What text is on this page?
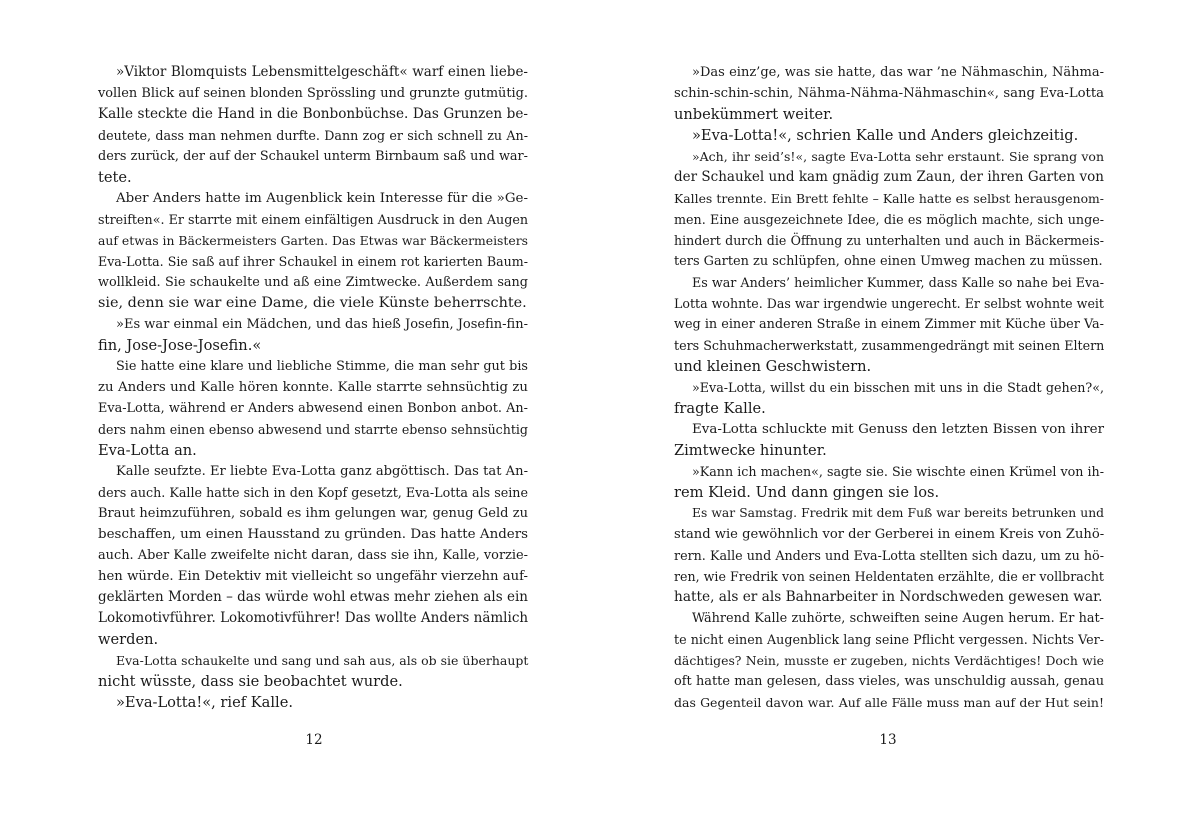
»Viktor Blomquists Lebensmittelgeschäft« warf einen liebe-
vollen Blick auf seinen blonden Sprössling und grunzte gutmütig.
Kalle steckte die Hand in die Bonbonbüchse. Das Grunzen be-
deutete, dass man nehmen durfte. Dann zog er sich schnell zu An-
ders zurück, der auf der Schaukel unterm Birnbaum saß und war-
tete.
Aber Anders hatte im Augenblick kein Interesse für die »Ge-
streiften«. Er starrte mit einem einfältigen Ausdruck in den Augen
auf etwas in Bäckermeisters Garten. Das Etwas war Bäckermeisters
Eva-Lotta. Sie saß auf ihrer Schaukel in einem rot karierten Baum-
wollkleid. Sie schaukelte und aß eine Zimtwecke. Außerdem sang
sie, denn sie war eine Dame, die viele Künste beherrschte.
»Es war einmal ein Mädchen, und das hieß Josefin, Josefin-fin-
fin, Jose-Jose-Josefin.«
Sie hatte eine klare und liebliche Stimme, die man sehr gut bis
zu Anders und Kalle hören konnte. Kalle starrte sehnsüchtig zu
Eva-Lotta, während er Anders abwesend einen Bonbon anbot. An-
ders nahm einen ebenso abwesend und starrte ebenso sehnsüchtig
Eva-Lotta an.
Kalle seufzte. Er liebte Eva-Lotta ganz abgöttisch. Das tat An-
ders auch. Kalle hatte sich in den Kopf gesetzt, Eva-Lotta als seine
Braut heimzuführen, sobald es ihm gelungen war, genug Geld zu
beschaffen, um einen Hausstand zu gründen. Das hatte Anders
auch. Aber Kalle zweifelte nicht daran, dass sie ihn, Kalle, vorzie-
hen würde. Ein Detektiv mit vielleicht so ungefähr vierzehn auf-
geklärten Morden – das würde wohl etwas mehr ziehen als ein
Lokomotivführer. Lokomotivführer! Das wollte Anders nämlich
werden.
Eva-Lotta schaukelte und sang und sah aus, als ob sie überhaupt
nicht wüsste, dass sie beobachtet wurde.
»Eva-Lotta!«, rief Kalle.
12
»Das einz’ge, was sie hatte, das war ’ne Nähmaschin, Nähma-
schin-schin-schin, Nähma-Nähma-Nähmaschin«, sang Eva-Lotta
unbekümmert weiter.
»Eva-Lotta!«, schrien Kalle und Anders gleichzeitig.
»Ach, ihr seid’s!«, sagte Eva-Lotta sehr erstaunt. Sie sprang von
der Schaukel und kam gnädig zum Zaun, der ihren Garten von
Kalles trennte. Ein Brett fehlte – Kalle hatte es selbst herausgenom-
men. Eine ausgezeichnete Idee, die es möglich machte, sich unge-
hindert durch die Öffnung zu unterhalten und auch in Bäckermeis-
ters Garten zu schlüpfen, ohne einen Umweg machen zu müssen.
Es war Anders’ heimlicher Kummer, dass Kalle so nahe bei Eva-
Lotta wohnte. Das war irgendwie ungerecht. Er selbst wohnte weit
weg in einer anderen Straße in einem Zimmer mit Küche über Va-
ters Schuhmacherwerkstatt, zusammengedrängt mit seinen Eltern
und kleinen Geschwistern.
»Eva-Lotta, willst du ein bisschen mit uns in die Stadt gehen?«,
fragte Kalle.
Eva-Lotta schluckte mit Genuss den letzten Bissen von ihrer
Zimtwecke hinunter.
»Kann ich machen«, sagte sie. Sie wischte einen Krümel von ih-
rem Kleid. Und dann gingen sie los.
Es war Samstag. Fredrik mit dem Fuß war bereits betrunken und
stand wie gewöhnlich vor der Gerberei in einem Kreis von Zuhö-
rern. Kalle und Anders und Eva-Lotta stellten sich dazu, um zu hö-
ren, wie Fredrik von seinen Heldentaten erzählte, die er vollbracht
hatte, als er als Bahnarbeiter in Nordschweden gewesen war.
Während Kalle zuhörte, schweiften seine Augen herum. Er hat-
te nicht einen Augenblick lang seine Pflicht vergessen. Nichts Ver-
dächtiges? Nein, musste er zugeben, nichts Verdächtiges! Doch wie
oft hatte man gelesen, dass vieles, was unschuldig aussah, genau
das Gegenteil davon war. Auf alle Fälle muss man auf der Hut sein!
13
